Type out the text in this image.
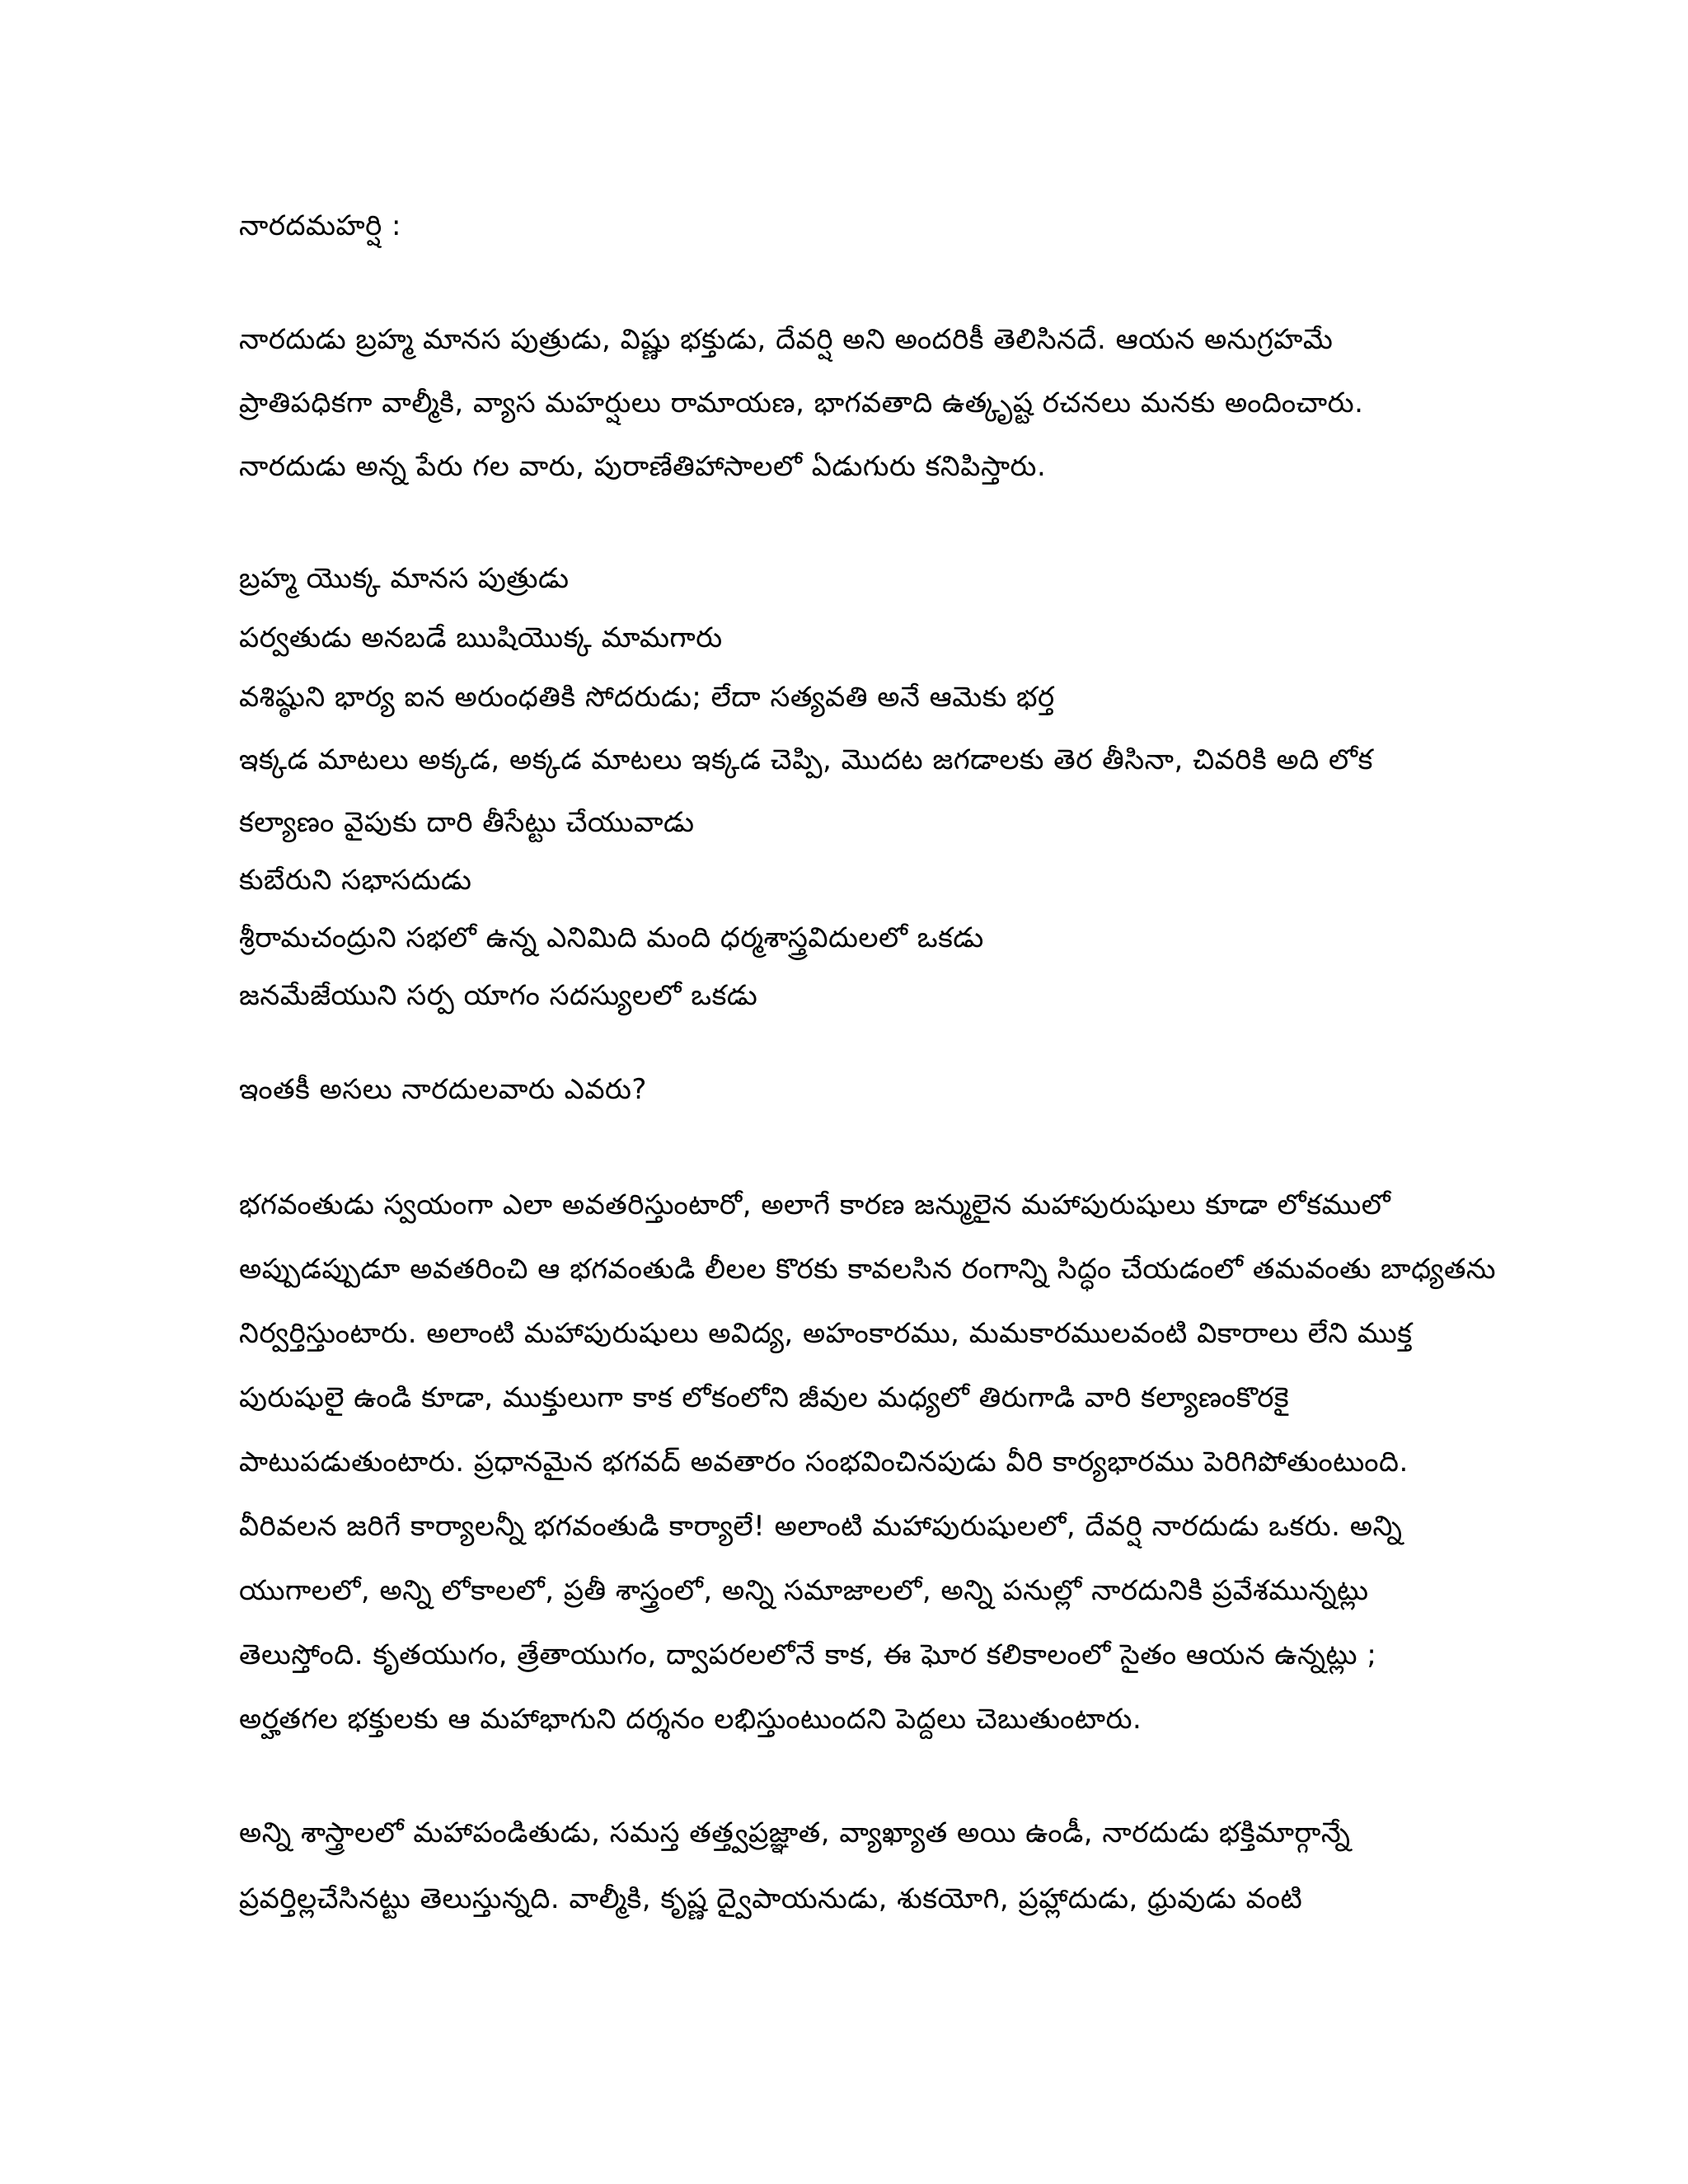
నారదమహర్షి :
నారదుడు బ్రహ్మ మానస పుత్రుడు, విష్ణు భక్తుడు, దేవర్షి అని అందరికీ తెలిసినదే. ఆయన అనుగ్రహమే
ప్రాతిపధికగా వాల్మీకి, వ్యాస మహర్షులు రామాయణ, భాగవతాది ఉత్కృష్ట రచనలు మనకు అందించారు.
నారదుడు అన్న పేరు గల వారు, పురాణేతిహాసాలలో ఏడుగురు కనిపిస్తారు.
బ్రహ్మ యొక్క మానస పుత్రుడు
పర్వతుడు అనబడే ఋషియొక్క మామగారు
వశిష్ఠుని భార్య ఐన అరుంధతికి సోదరుడు; లేదా సత్యవతి అనే ఆమెకు భర్త
ఇక్కడ మాటలు అక్కడ, అక్కడ మాటలు ఇక్కడ చెప్పి, మొదట జగడాలకు తెర తీసినా, చివరికి అది లోక
కల్యాణం వైపుకు దారి తీసేట్టు చేయువాడు
కుబేరుని సభాసదుడు
శ్రీరామచంద్రుని సభలో ఉన్న ఎనిమిది మంది ధర్మశాస్త్రవిదులలో ఒకడు
జనమేజేయుని సర్ప యాగం సదస్యులలో ఒకడు
ఇంతకీ అసలు నారదులవారు ఎవరు?
భగవంతుడు స్వయంగా ఎలా అవతరిస్తుంటారో, అలాగే కారణ జన్ములైన మహాపురుషులు కూడా లోకములో
అప్పుడప్పుడూ అవతరించి ఆ భగవంతుడి లీలల కొరకు కావలసిన రంగాన్ని సిద్ధం చేయడంలో తమవంతు బాధ్యతను
నిర్వర్తిస్తుంటారు. అలాంటి మహాపురుషులు అవిద్య, అహంకారము, మమకారములవంటి వికారాలు లేని ముక్త
పురుషులై ఉండి కూడా, ముక్తులుగా కాక లోకంలోని జీవుల మధ్యలో తిరుగాడి వారి కల్యాణంకొరకై
పాటుపడుతుంటారు. ప్రధానమైన భగవద్ అవతారం సంభవించినపుడు వీరి కార్యభారము పెరిగిపోతుంటుంది.
వీరివలన జరిగే కార్యాలన్నీ భగవంతుడి కార్యాలే! అలాంటి మహాపురుషులలో, దేవర్షి నారదుడు ఒకరు. అన్ని
యుగాలలో, అన్ని లోకాలలో, ప్రతీ శాస్త్రంలో, అన్ని సమాజాలలో, అన్ని పనుల్లో నారదునికి ప్రవేశమున్నట్లు
తెలుస్తోంది. కృతయుగం, త్రేతాయుగం, ద్వాపరలలోనే కాక, ఈ ఘోర కలికాలంలో సైతం ఆయన ఉన్నట్లు ;
అర్హతగల భక్తులకు ఆ మహాభాగుని దర్శనం లభిస్తుంటుందని పెద్దలు చెబుతుంటారు.
అన్ని శాస్త్రాలలో మహాపండితుడు, సమస్త తత్త్వప్రజ్ఞాత, వ్యాఖ్యాత అయి ఉండీ, నారదుడు భక్తిమార్గాన్నే
ప్రవర్తిల్లచేసినట్టు తెలుస్తున్నది. వాల్మీకి, కృష్ణ ద్వైపాయనుడు, శుకయోగి, ప్రహ్లాదుడు, ధ్రువుడు వంటి
